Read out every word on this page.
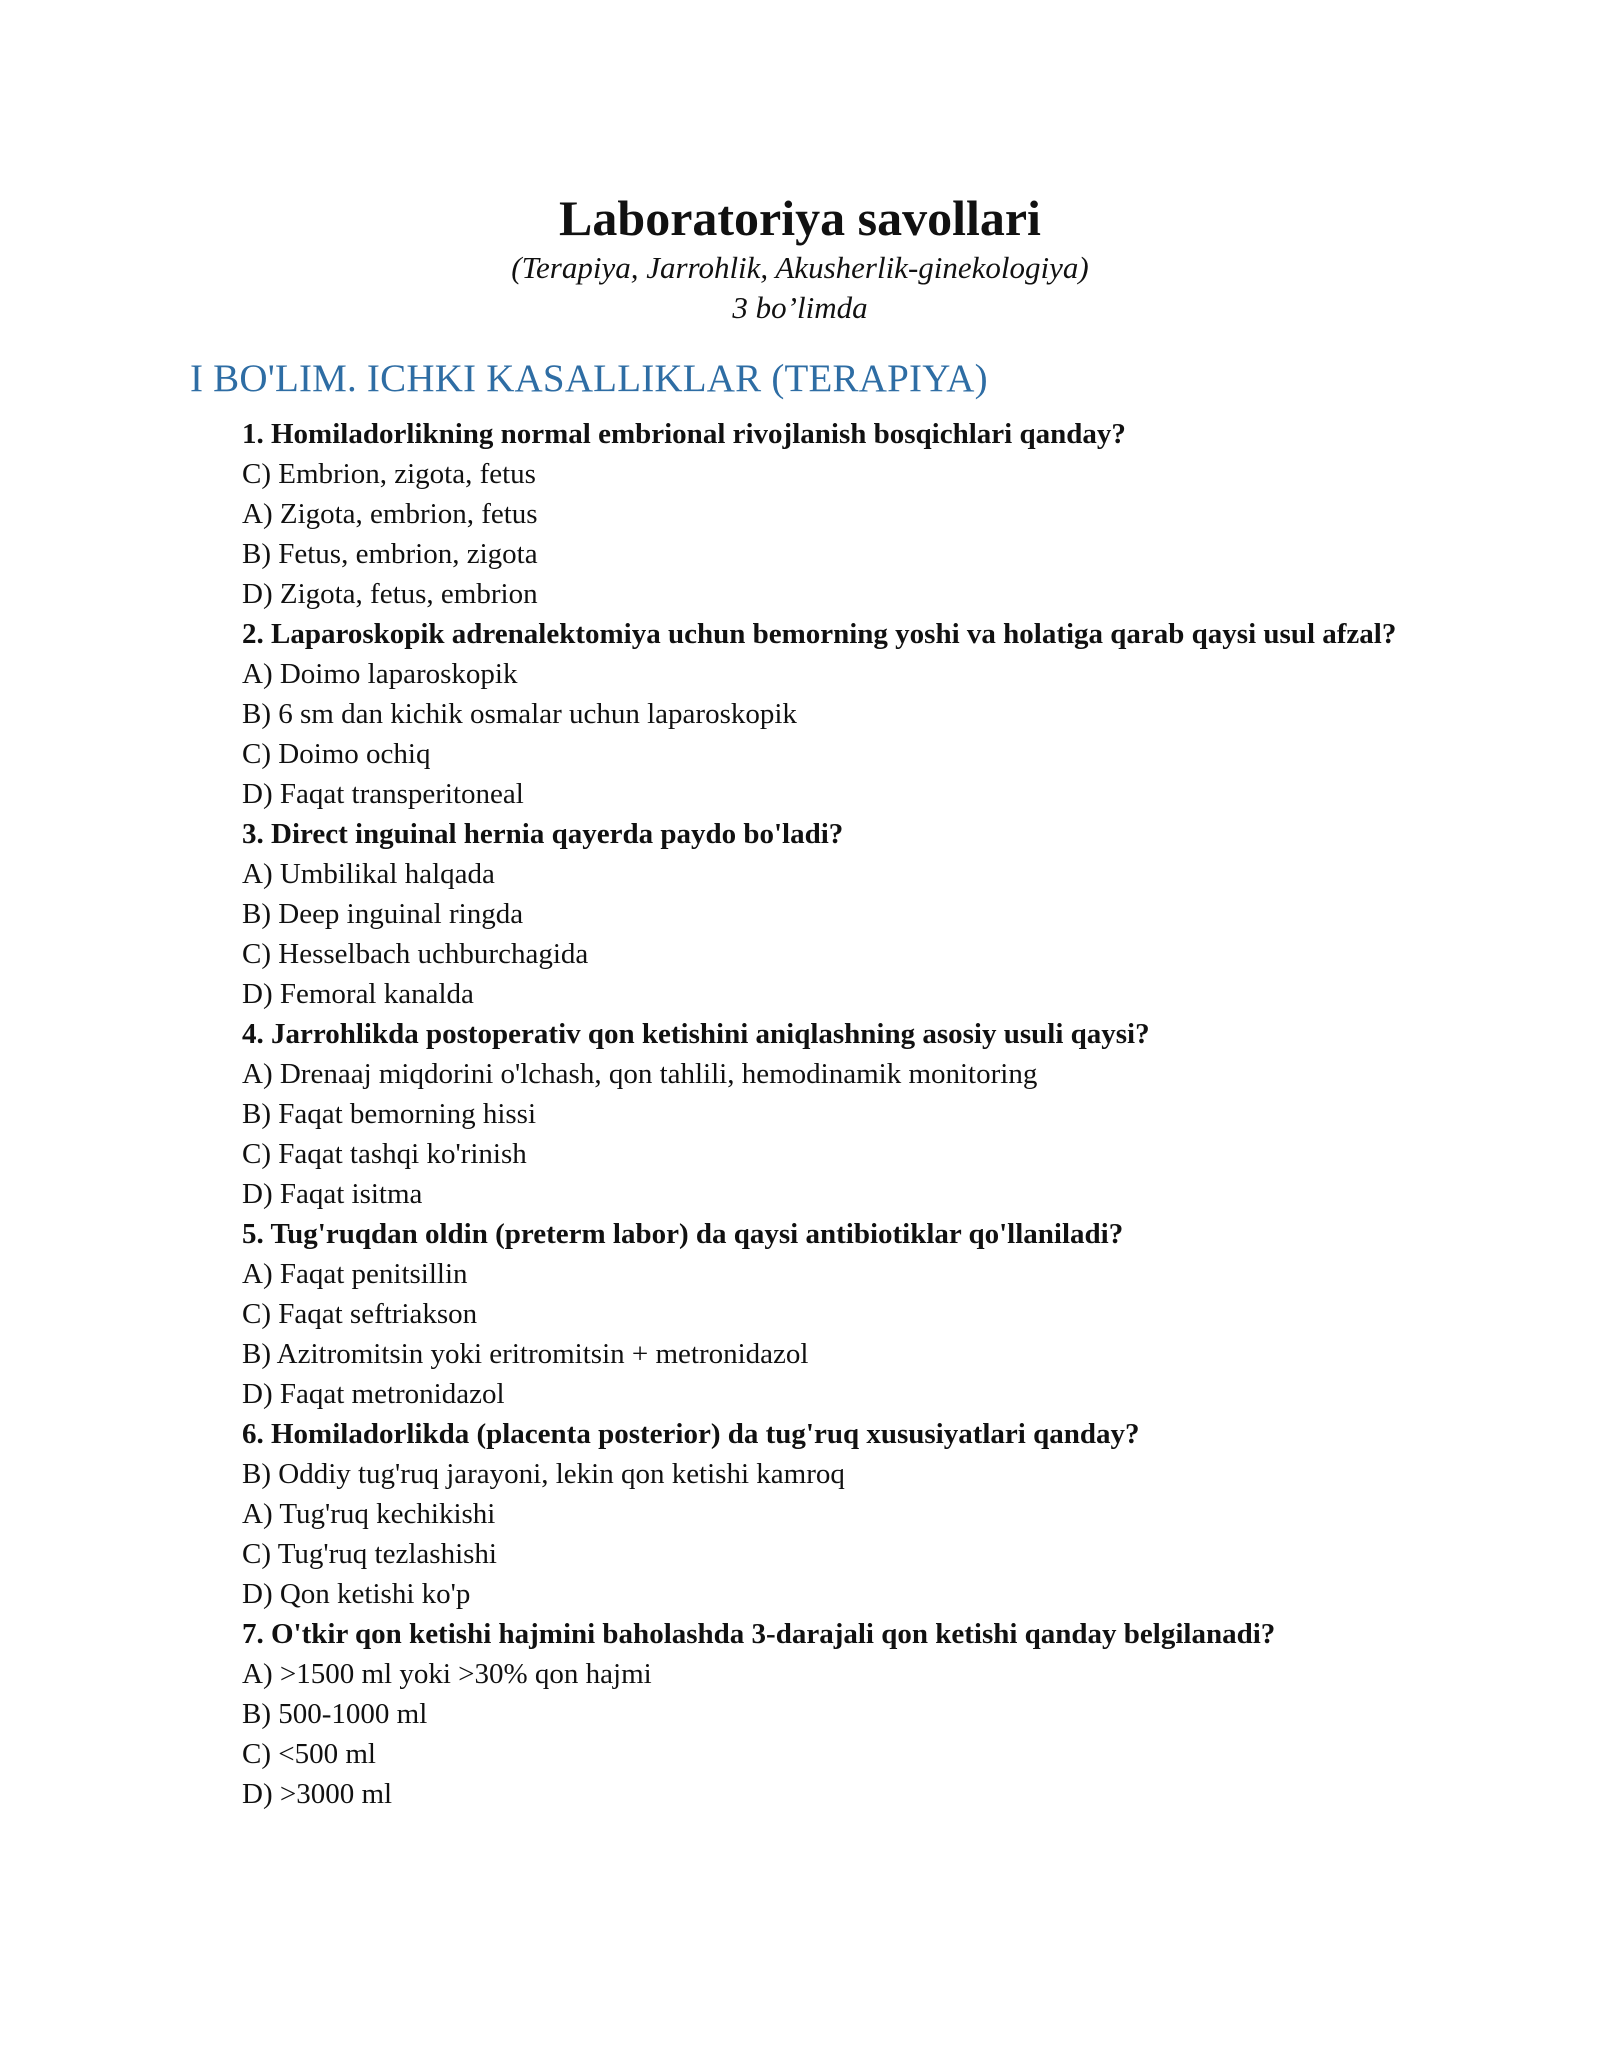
Laboratoriya savollari

(Terapiya, Jarrohlik, Akusherlik-ginekologiya)

3 bo’limda

I BO'LIM. ICHKI KASALLIKLAR (TERAPIYA)

1. Homiladorlikning normal embrional rivojlanish bosqichlari qanday?

C) Embrion, zigota, fetus
A) Zigota, embrion, fetus
B) Fetus, embrion, zigota
D) Zigota, fetus, embrion

2. Laparoskopik adrenalektomiya uchun bemorning yoshi va holatiga qarab qaysi usul afzal?

A) Doimo laparoskopik
B) 6 sm dan kichik osmalar uchun laparoskopik
C) Doimo ochiq
D) Faqat transperitoneal

3. Direct inguinal hernia qayerda paydo bo'ladi?

A) Umbilikal halqada
B) Deep inguinal ringda
C) Hesselbach uchburchagida
D) Femoral kanalda

4. Jarrohlikda postoperativ qon ketishini aniqlashning asosiy usuli qaysi?

A) Drenaaj miqdorini o'lchash, qon tahlili, hemodinamik monitoring
B) Faqat bemorning hissi
C) Faqat tashqi ko'rinish
D) Faqat isitma

5. Tug'ruqdan oldin (preterm labor) da qaysi antibiotiklar qo'llaniladi?

A) Faqat penitsillin
C) Faqat seftriakson
B) Azitromitsin yoki eritromitsin + metronidazol
D) Faqat metronidazol

6. Homiladorlikda (placenta posterior) da tug'ruq xususiyatlari qanday?

B) Oddiy tug'ruq jarayoni, lekin qon ketishi kamroq
A) Tug'ruq kechikishi
C) Tug'ruq tezlashishi
D) Qon ketishi ko'p

7. O'tkir qon ketishi hajmini baholashda 3-darajali qon ketishi qanday belgilanadi?

A) >1500 ml yoki >30% qon hajmi
B) 500-1000 ml
C) <500 ml
D) >3000 ml
